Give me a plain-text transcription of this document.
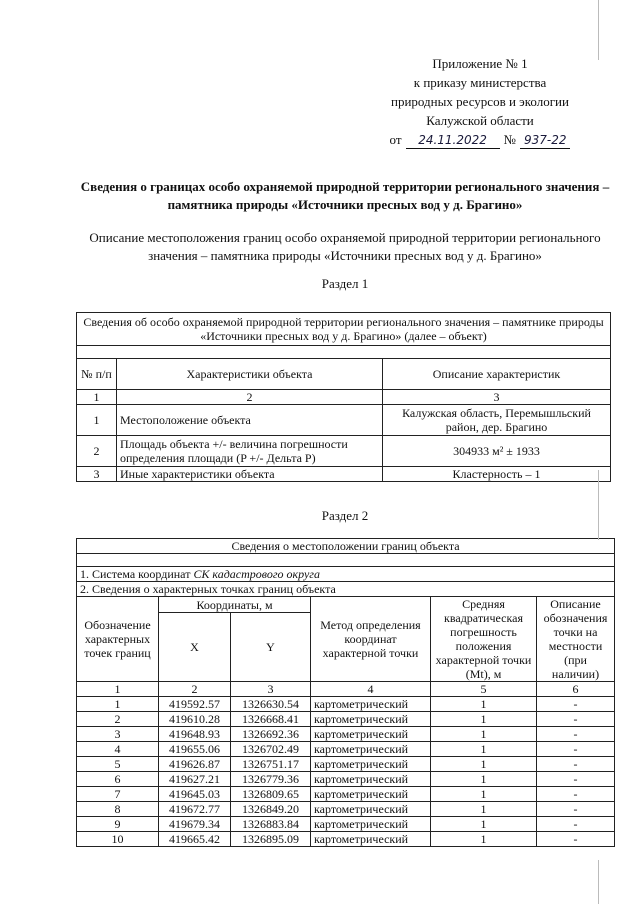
Приложение № 1
к приказу министерства
природных ресурсов и экологии
Калужской области
от	24.11.2022	№ 937-22
Сведения о границах особо охраняемой природной территории регионального значения – памятника природы «Источники пресных вод у д. Брагино»
Описание местоположения границ особо охраняемой природной территории регионального значения – памятника природы «Источники пресных вод у д. Брагино»
Раздел 1
Сведения об особо охраняемой природной территории регионального значения – памятнике природы «Источники пресных вод у д. Брагино» (далее – объект)		

№ п/п	Характеристики объекта	Описание характеристик
1	2	3
1	Местоположение объекта	Калужская область, Перемышльский район, дер. Брагино
2	Площадь объекта +/- величина погрешности определения площади (P +/- Дельта P)	304933 м² ± 1933
3	Иные характеристики объекта	Кластерность – 1
Раздел 2
Сведения о местоположении границ объекта					

1. Система координат СК кадастрового округа					
2. Сведения о характерных точках границ объекта					
Обозначение характерных точек границ	Координаты, м		Метод определения координат характерной точки	Средняя квадратическая погрешность положения характерной точки (Mt), м	Описание обозначения точки на местности (при наличии)
	X	Y			
1	2	3	4	5	6
1	419592.57	1326630.54	картометрический	1	-
2	419610.28	1326668.41	картометрический	1	-
3	419648.93	1326692.36	картометрический	1	-
4	419655.06	1326702.49	картометрический	1	-
5	419626.87	1326751.17	картометрический	1	-
6	419627.21	1326779.36	картометрический	1	-
7	419645.03	1326809.65	картометрический	1	-
8	419672.77	1326849.20	картометрический	1	-
9	419679.34	1326883.84	картометрический	1	-
10	419665.42	1326895.09	картометрический	1	-
